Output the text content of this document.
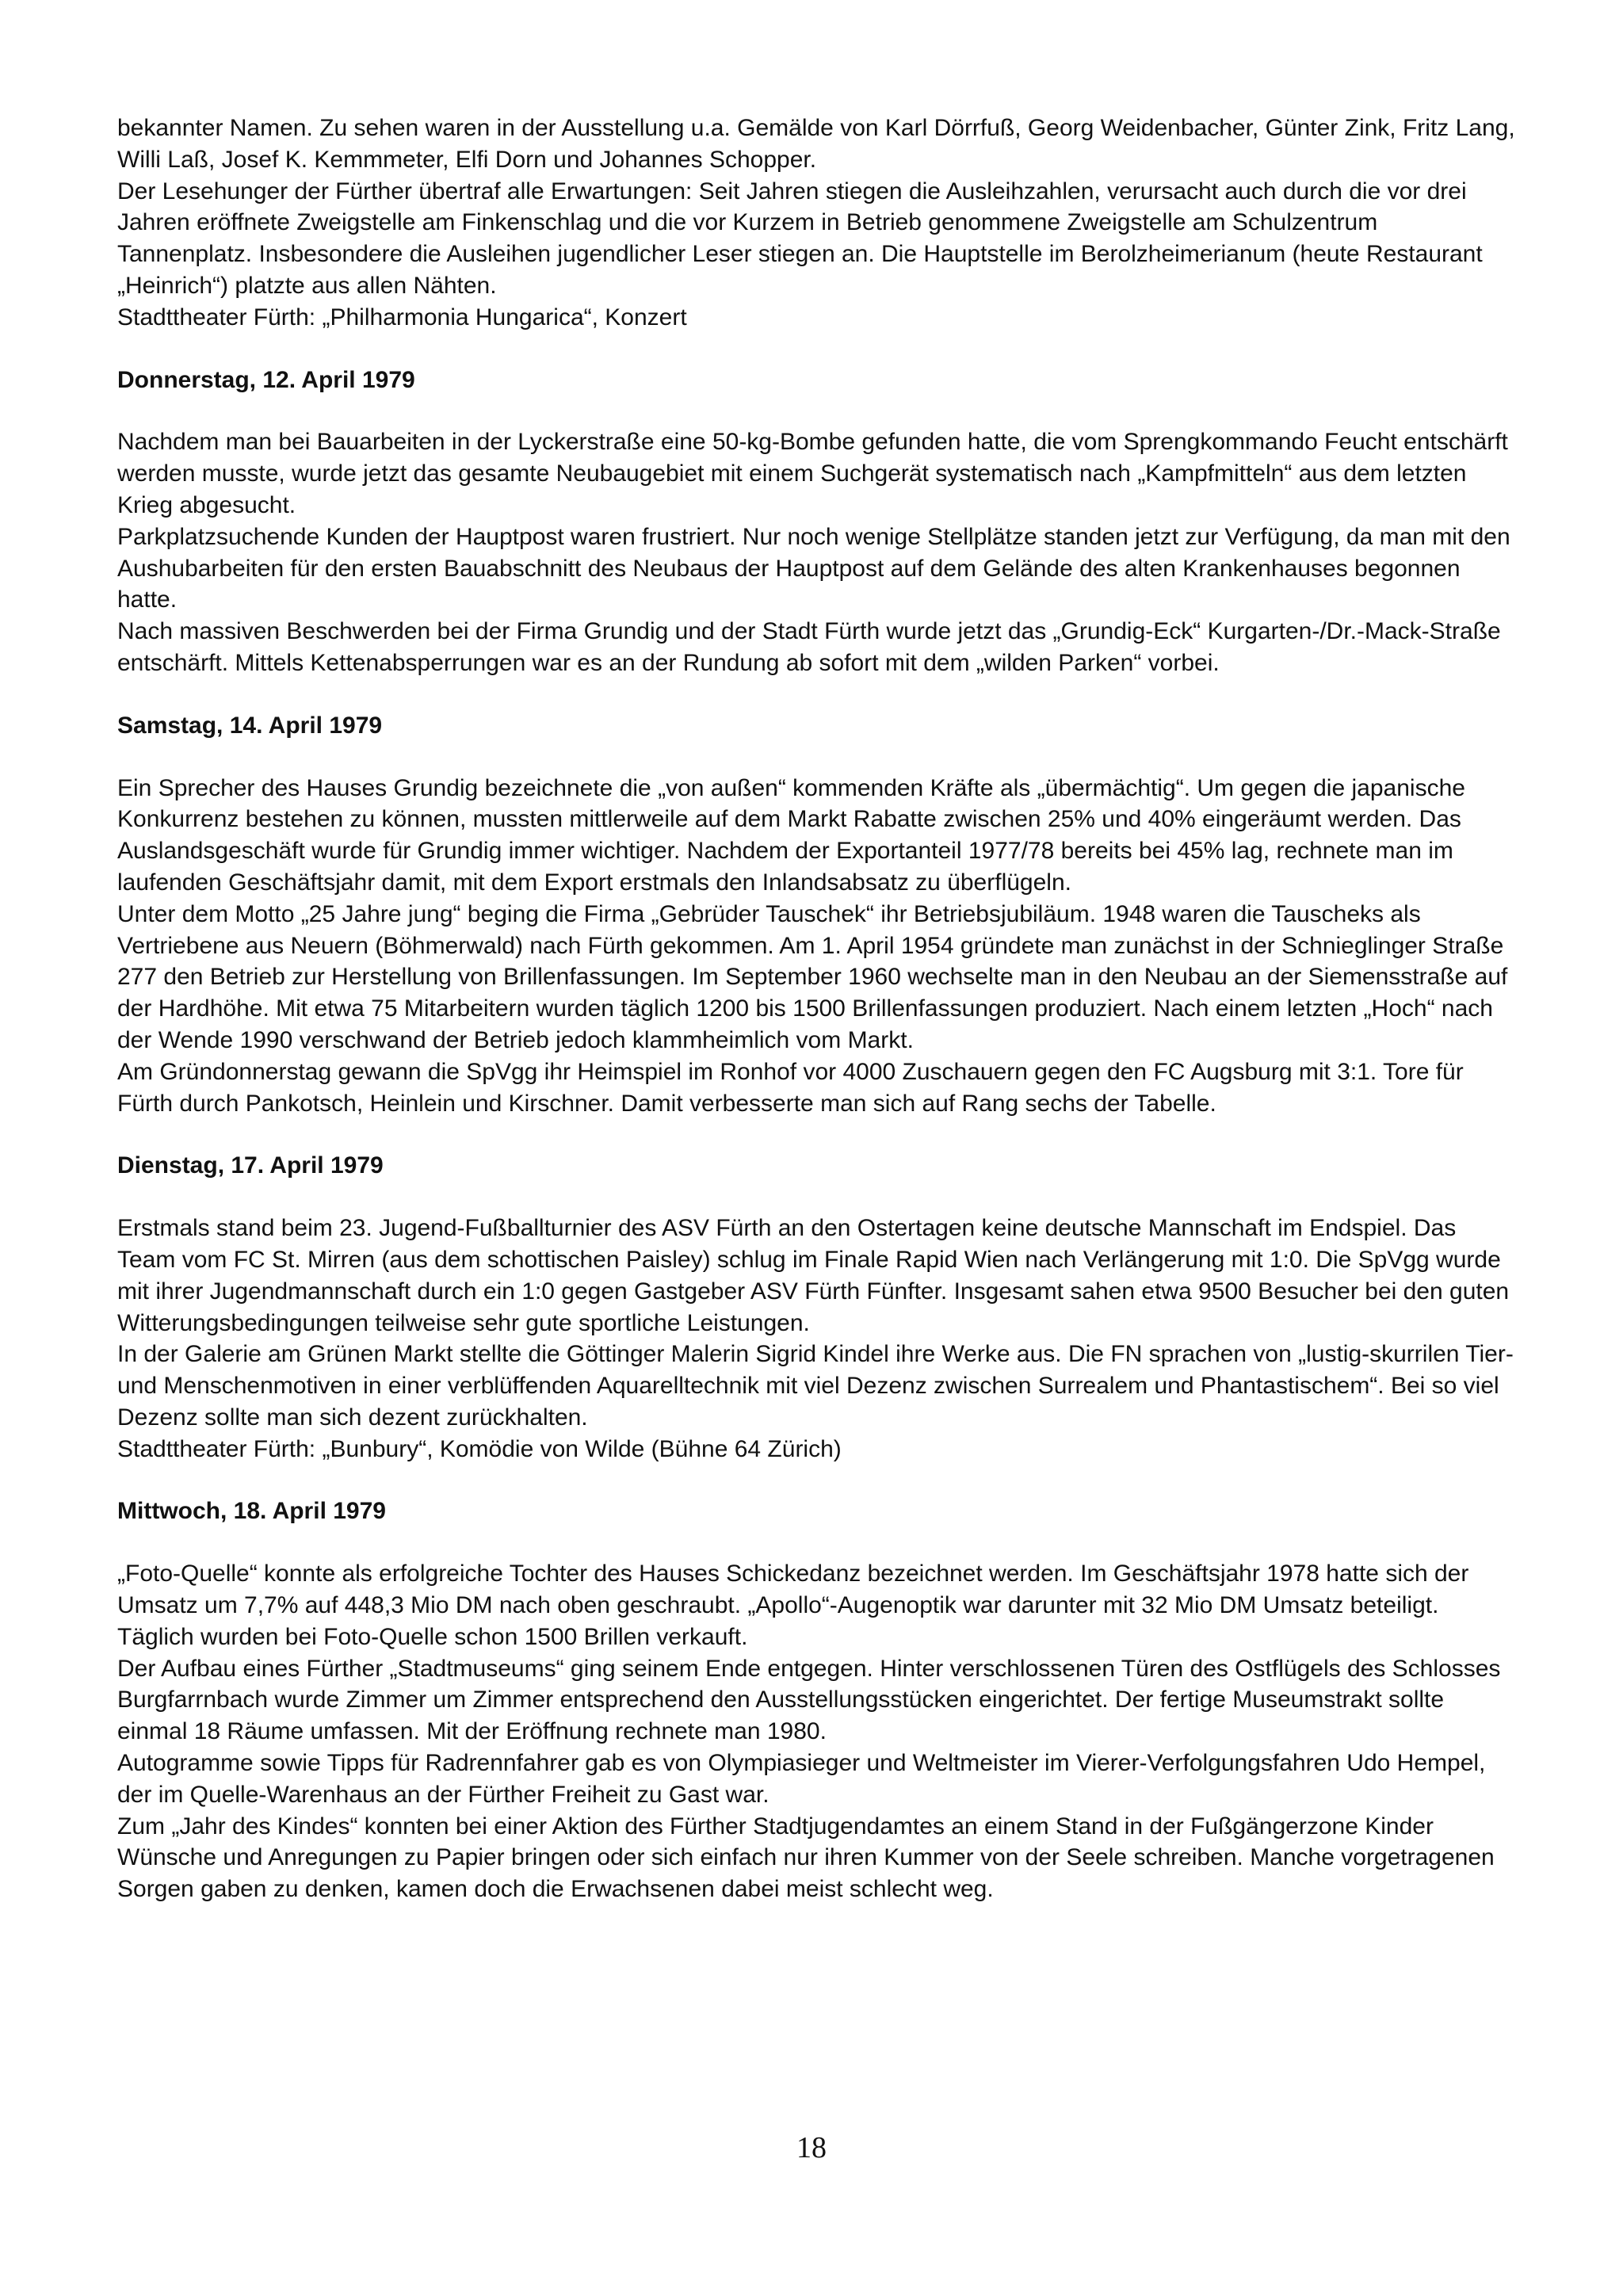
bekannter Namen. Zu sehen waren in der Ausstellung u.a. Gemälde von Karl Dörrfuß, Georg Weidenbacher, Günter Zink, Fritz Lang, Willi Laß, Josef K. Kemmmeter, Elfi Dorn und Johannes Schopper.

Der Lesehunger der Fürther übertraf alle Erwartungen: Seit Jahren stiegen die Ausleihzahlen, verursacht auch durch die vor drei Jahren eröffnete Zweigstelle am Finkenschlag und die vor Kurzem in Betrieb genommene Zweigstelle am Schulzentrum Tannenplatz. Insbesondere die Ausleihen jugendlicher Leser stiegen an. Die Hauptstelle im Berolzheimerianum (heute Restaurant „Heinrich“) platzte aus allen Nähten.

Stadttheater Fürth: „Philharmonia Hungarica“, Konzert

Donnerstag, 12. April 1979

Nachdem man bei Bauarbeiten in der Lyckerstraße eine 50-kg-Bombe gefunden hatte, die vom Sprengkommando Feucht entschärft werden musste, wurde jetzt das gesamte Neubaugebiet mit einem Suchgerät systematisch nach „Kampfmitteln“ aus dem letzten Krieg abgesucht.

Parkplatzsuchende Kunden der Hauptpost waren frustriert. Nur noch wenige Stellplätze standen jetzt zur Verfügung, da man mit den Aushubarbeiten für den ersten Bauabschnitt des Neubaus der Hauptpost auf dem Gelände des alten Krankenhauses begonnen hatte.

Nach massiven Beschwerden bei der Firma Grundig und der Stadt Fürth wurde jetzt das „Grundig-Eck“ Kurgarten-/Dr.-Mack-Straße entschärft. Mittels Kettenabsperrungen war es an der Rundung ab sofort mit dem „wilden Parken“ vorbei.

Samstag, 14. April 1979

Ein Sprecher des Hauses Grundig bezeichnete die „von außen“ kommenden Kräfte als „übermächtig“. Um gegen die japanische Konkurrenz bestehen zu können, mussten mittlerweile auf dem Markt Rabatte zwischen 25% und 40% eingeräumt werden. Das Auslandsgeschäft wurde für Grundig immer wichtiger. Nachdem der Exportanteil 1977/78 bereits bei 45% lag, rechnete man im laufenden Geschäftsjahr damit, mit dem Export erstmals den Inlandsabsatz zu überflügeln.

Unter dem Motto „25 Jahre jung“ beging die Firma „Gebrüder Tauschek“ ihr Betriebsjubiläum. 1948 waren die Tauscheks als Vertriebene aus Neuern (Böhmerwald) nach Fürth gekommen. Am 1. April 1954 gründete man zunächst in der Schnieglinger Straße 277 den Betrieb zur Herstellung von Brillenfassungen. Im September 1960 wechselte man in den Neubau an der Siemensstraße auf der Hardhöhe. Mit etwa 75 Mitarbeitern wurden täglich 1200 bis 1500 Brillenfassungen produziert. Nach einem letzten „Hoch“ nach der Wende 1990 verschwand der Betrieb jedoch klammheimlich vom Markt.

Am Gründonnerstag gewann die SpVgg ihr Heimspiel im Ronhof vor 4000 Zuschauern gegen den FC Augsburg mit 3:1. Tore für Fürth durch Pankotsch, Heinlein und Kirschner. Damit verbesserte man sich auf Rang sechs der Tabelle.

Dienstag, 17. April 1979

Erstmals stand beim 23. Jugend-Fußballturnier des ASV Fürth an den Ostertagen keine deutsche Mannschaft im Endspiel. Das Team vom FC St. Mirren (aus dem schottischen Paisley) schlug im Finale Rapid Wien nach Verlängerung mit 1:0. Die SpVgg wurde mit ihrer Jugendmannschaft durch ein 1:0 gegen Gastgeber ASV Fürth Fünfter. Insgesamt sahen etwa 9500 Besucher bei den guten Witterungsbedingungen teilweise sehr gute sportliche Leistungen.

In der Galerie am Grünen Markt stellte die Göttinger Malerin Sigrid Kindel ihre Werke aus. Die FN sprachen von „lustig-skurrilen Tier- und Menschenmotiven in einer verblüffenden Aquarelltechnik mit viel Dezenz zwischen Surrealem und Phantastischem“. Bei so viel Dezenz sollte man sich dezent zurückhalten.

Stadttheater Fürth: „Bunbury“, Komödie von Wilde (Bühne 64 Zürich)

Mittwoch, 18. April 1979

„Foto-Quelle“ konnte als erfolgreiche Tochter des Hauses Schickedanz bezeichnet werden. Im Geschäftsjahr 1978 hatte sich der Umsatz um 7,7% auf 448,3 Mio DM nach oben geschraubt. „Apollo“-Augenoptik war darunter mit 32 Mio DM Umsatz beteiligt. Täglich wurden bei Foto-Quelle schon 1500 Brillen verkauft.

Der Aufbau eines Fürther „Stadtmuseums“ ging seinem Ende entgegen. Hinter verschlossenen Türen des Ostflügels des Schlosses Burgfarrnbach wurde Zimmer um Zimmer entsprechend den Ausstellungsstücken eingerichtet. Der fertige Museumstrakt sollte einmal 18 Räume umfassen. Mit der Eröffnung rechnete man 1980.

Autogramme sowie Tipps für Radrennfahrer gab es von Olympiasieger und Weltmeister im Vierer-Verfolgungsfahren Udo Hempel, der im Quelle-Warenhaus an der Fürther Freiheit zu Gast war.

Zum „Jahr des Kindes“ konnten bei einer Aktion des Fürther Stadtjugendamtes an einem Stand in der Fußgängerzone Kinder Wünsche und Anregungen zu Papier bringen oder sich einfach nur ihren Kummer von der Seele schreiben. Manche vorgetragenen Sorgen gaben zu denken, kamen doch die Erwachsenen dabei meist schlecht weg.

18
